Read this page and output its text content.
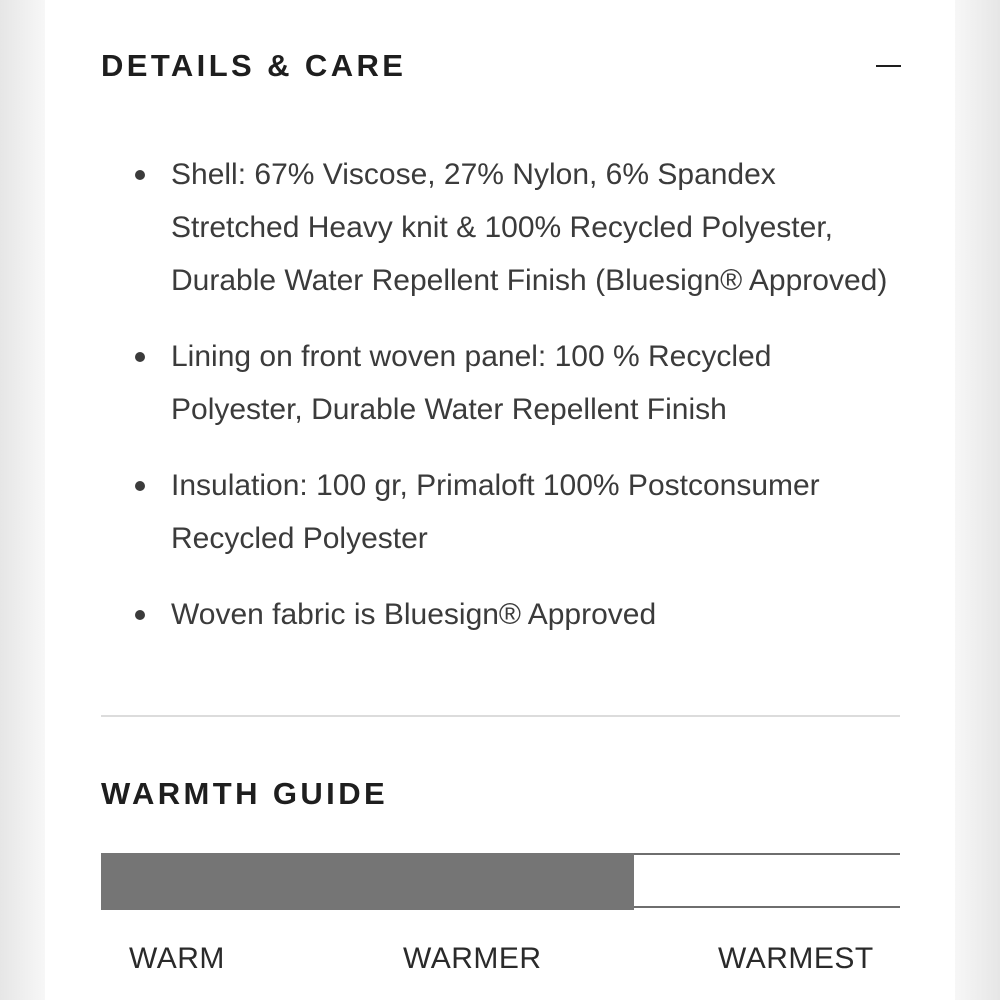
DETAILS & CARE
Shell: 67% Viscose, 27% Nylon, 6% Spandex Stretched Heavy knit & 100% Recycled Polyester, Durable Water Repellent Finish (Bluesign® Approved)
Lining on front woven panel: 100 % Recycled Polyester, Durable Water Repellent Finish
Insulation: 100 gr, Primaloft 100% Postconsumer Recycled Polyester
Woven fabric is Bluesign® Approved
WARMTH GUIDE
WARM	WARMER	WARMEST
